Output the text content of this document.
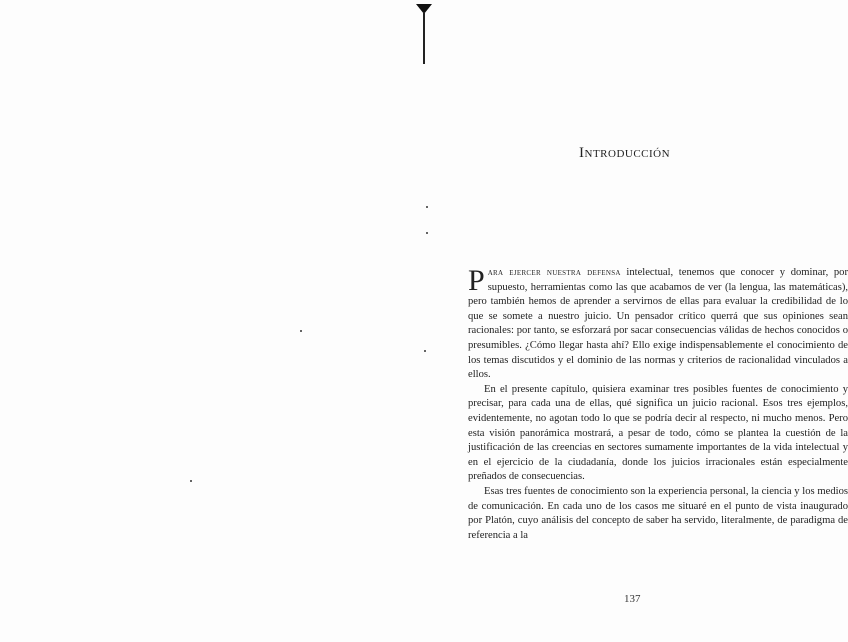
Introducción

Para ejercer nuestra defensa intelectual, tenemos que conocer y dominar, por supuesto, herramientas como las que acabamos de ver (la lengua, las matemáticas), pero también hemos de aprender a servirnos de ellas para evaluar la credibilidad de lo que se somete a nuestro juicio. Un pensador crítico querrá que sus opiniones sean racionales: por tanto, se esforzará por sacar consecuencias válidas de hechos conocidos o presumibles. ¿Cómo llegar hasta ahí? Ello exige indispensablemente el conocimiento de los temas discutidos y el dominio de las normas y criterios de racionalidad vinculados a ellos.

En el presente capítulo, quisiera examinar tres posibles fuentes de conocimiento y precisar, para cada una de ellas, qué significa un juicio racional. Esos tres ejemplos, evidentemente, no agotan todo lo que se podría decir al respecto, ni mucho menos. Pero esta visión panorámica mostrará, a pesar de todo, cómo se plantea la cuestión de la justificación de las creencias en sectores sumamente importantes de la vida intelectual y en el ejercicio de la ciudadanía, donde los juicios irracionales están especialmente preñados de consecuencias.

Esas tres fuentes de conocimiento son la experiencia personal, la ciencia y los medios de comunicación. En cada uno de los casos me situaré en el punto de vista inaugurado por Platón, cuyo análisis del concepto de saber ha servido, literalmente, de paradigma de referencia a la

137
